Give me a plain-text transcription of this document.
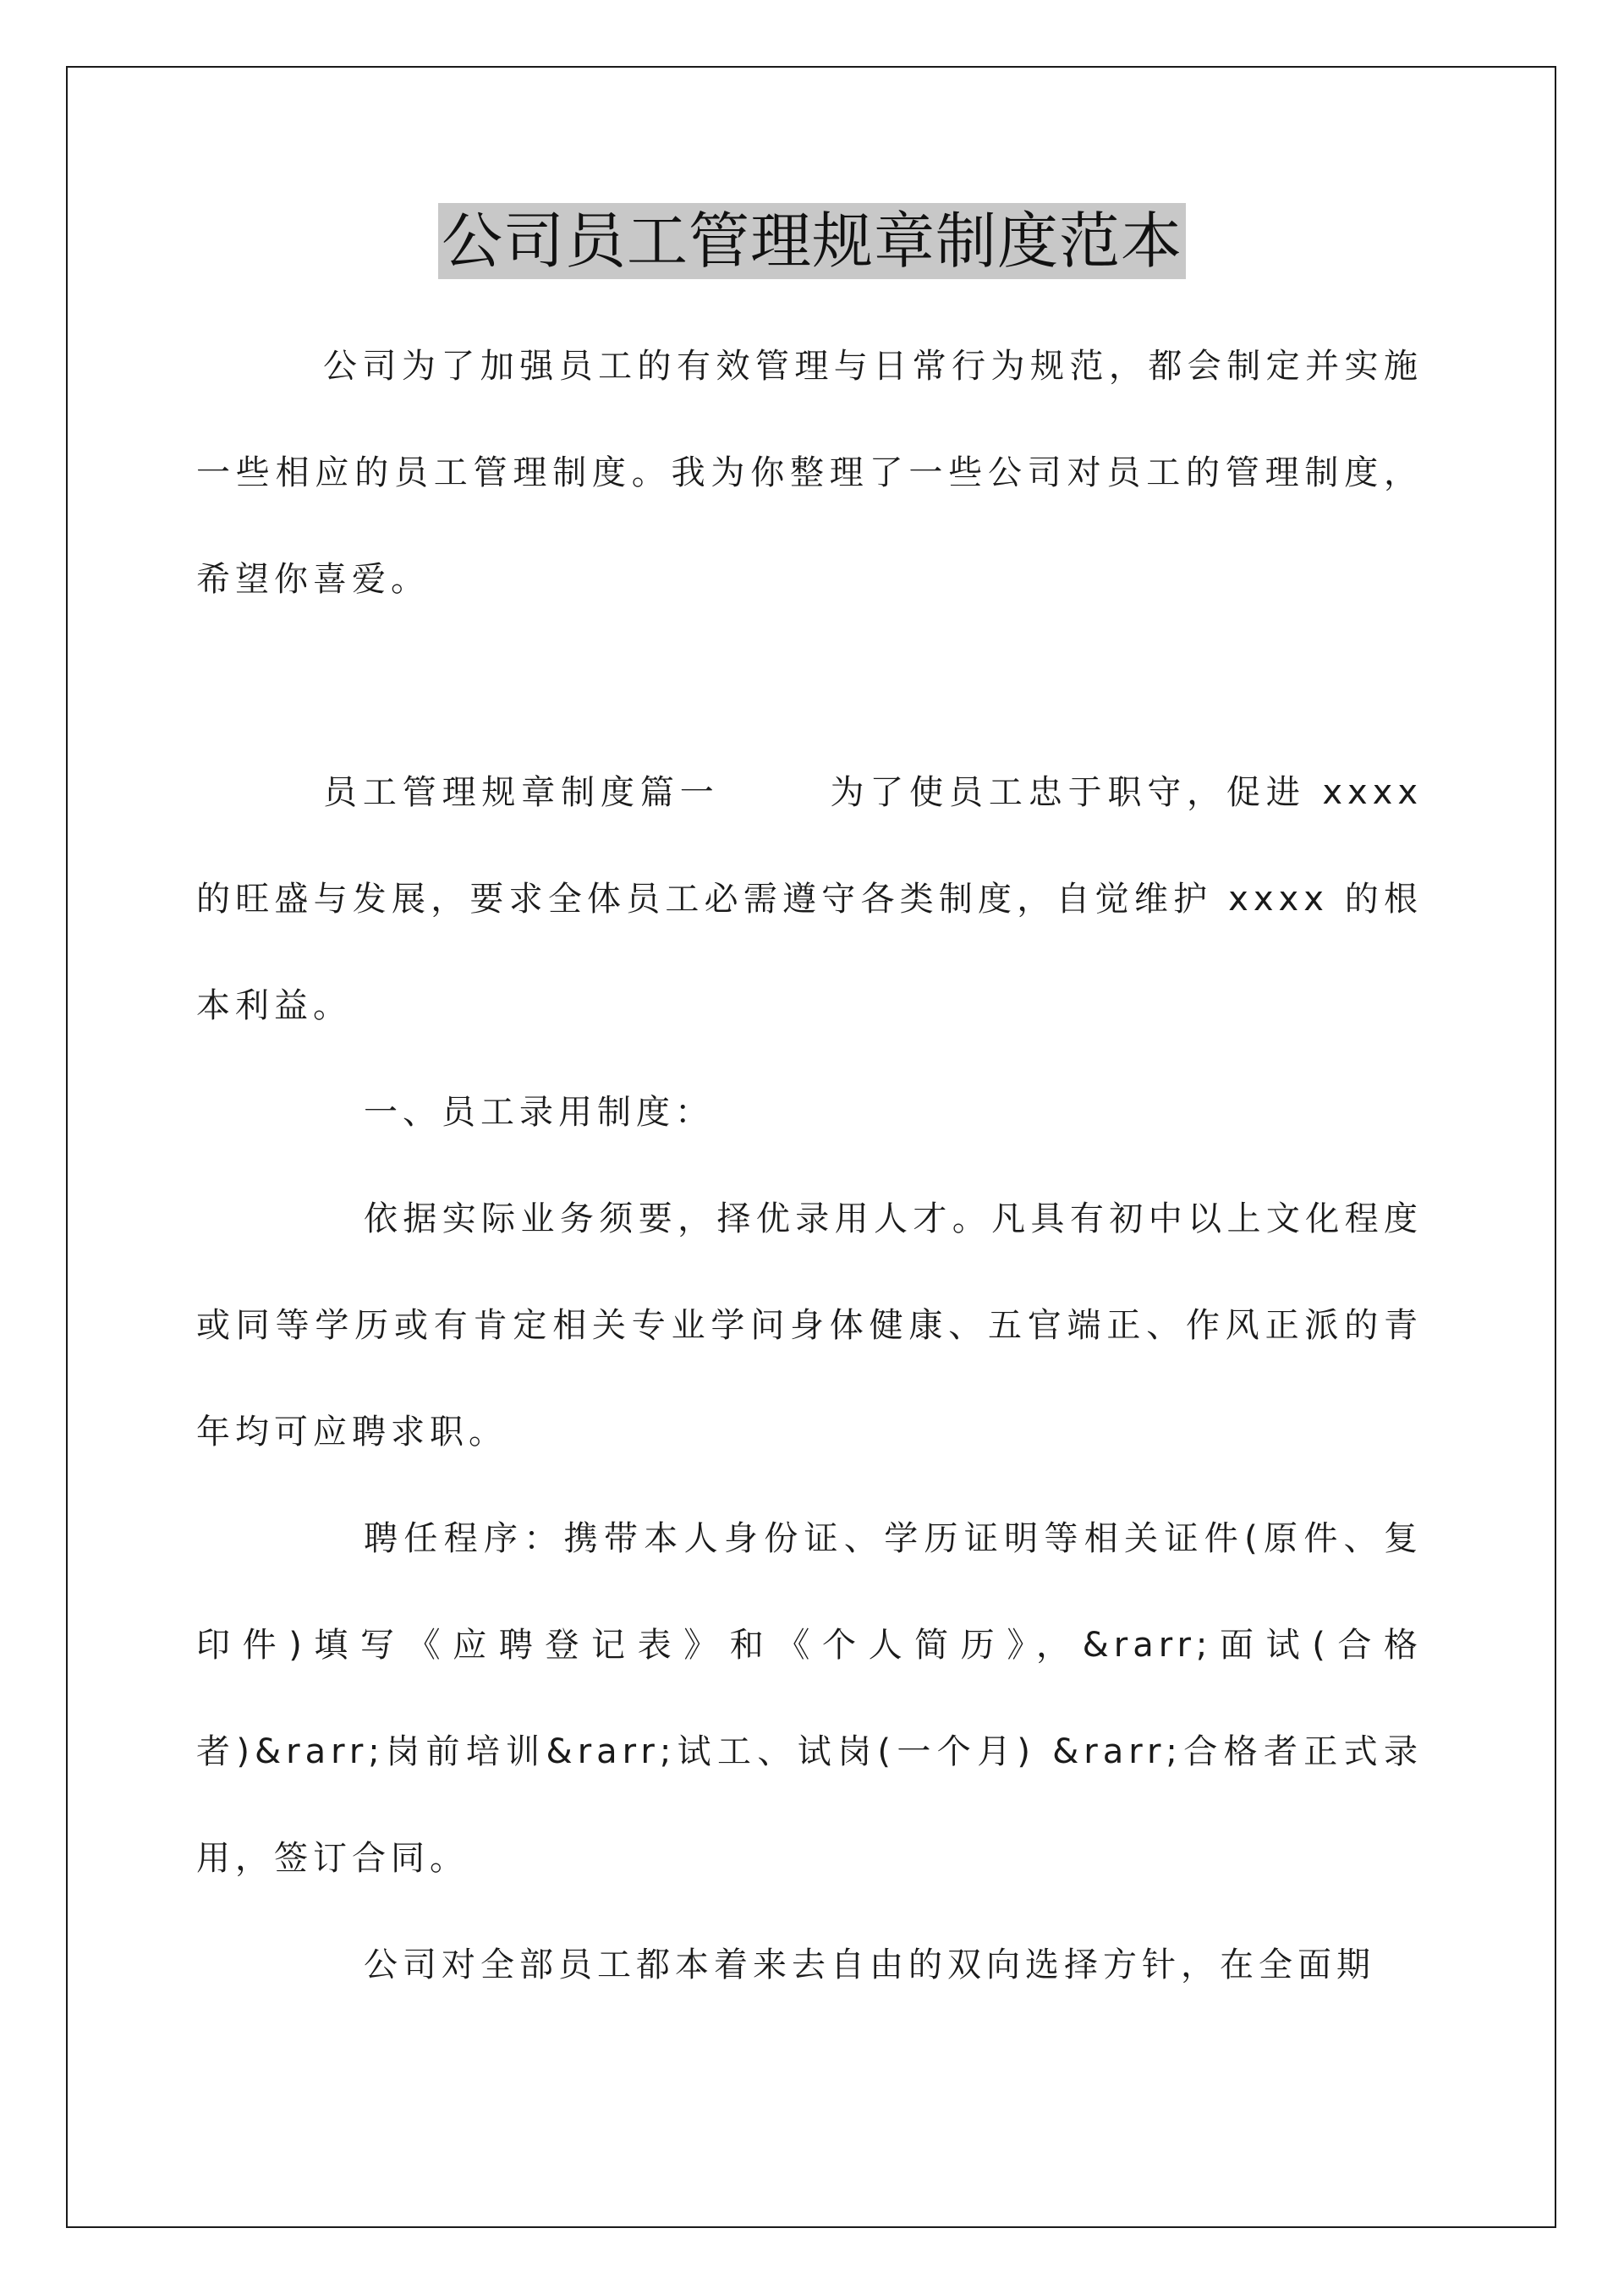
公司员工管理规章制度范本

公司为了加强员工的有效管理与日常行为规范，都会制定并实施一些相应的员工管理制度。我为你整理了一些公司对员工的管理制度，希望你喜爱。

员工管理规章制度篇一	为了使员工忠于职守，促进 xxxx 的旺盛与发展，要求全体员工必需遵守各类制度，自觉维护 xxxx 的根本利益。

一、员工录用制度：

依据实际业务须要，择优录用人才。凡具有初中以上文化程度或同等学历或有肯定相关专业学问身体健康、五官端正、作风正派的青年均可应聘求职。

聘任程序：携带本人身份证、学历证明等相关证件(原件、复印件)填写《应聘登记表》和《个人简历》，&rarr;面试(合格者)&rarr;岗前培训&rarr;试工、试岗(一个月) &rarr;合格者正式录用，签订合同。

公司对全部员工都本着来去自由的双向选择方针，在全面期
